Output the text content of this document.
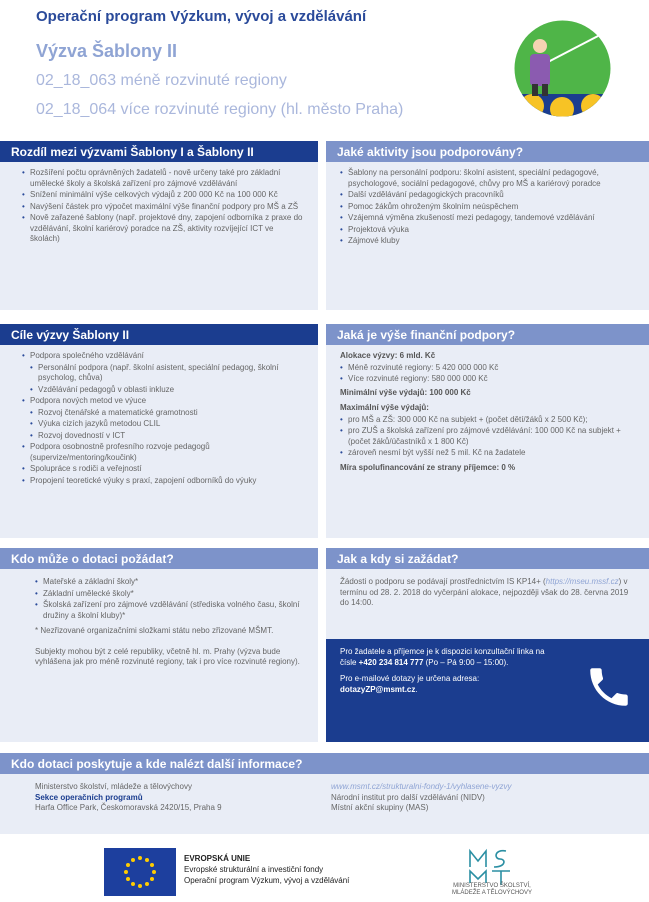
Operační program Výzkum, vývoj a vzdělávání
Výzva Šablony II
02_18_063 méně rozvinuté regiony
02_18_064 více rozvinuté regiony (hl. město Praha)
Rozdíl mezi výzvami Šablony I a Šablony II
• Rozšíření počtu oprávněných žadatelů - nově určeny také pro základní umělecké školy a školská zařízení pro zájmové vzdělávání
• Snížení minimální výše celkových výdajů z 200 000 Kč na 100 000 Kč
• Navýšení částek pro výpočet maximální výše finanční podpory pro MŠ a ZŠ
• Nově zařazené šablony (např. projektové dny, zapojení odborníka z praxe do vzdělávání, školní kariérový poradce na ZŠ, aktivity rozvíjející ICT ve školách)
Jaké aktivity jsou podporovány?
• Šablony na personální podporu: školní asistent, speciální pedagogové, psychologové, sociální pedagogové, chůvy pro MŠ a kariérový poradce
• Další vzdělávání pedagogických pracovníků
• Pomoc žákům ohroženým školním neúspěchem
• Vzájemná výměna zkušeností mezi pedagogy, tandemové vzdělávání
• Projektová výuka
• Zájmové kluby
Cíle výzvy Šablony II
• Podpora společného vzdělávání
• Personální podpora (např. školní asistent, speciální pedagog, školní psycholog, chůva)
• Vzdělávání pedagogů v oblasti inkluze
• Podpora nových metod ve výuce
• Rozvoj čtenářské a matematické gramotnosti
• Výuka cizích jazyků metodou CLIL
• Rozvoj dovedností v ICT
• Podpora osobnostně profesního rozvoje pedagogů (supervize/mentoring/koučink)
• Spolupráce s rodiči a veřejností
• Propojení teoretické výuky s praxí, zapojení odborníků do výuky
Jaká je výše finanční podpory?

Alokace výzvy: 6 mld. Kč

• Méně rozvinuté regiony: 5 420 000 000 Kč
• Více rozvinuté regiony: 580 000 000 Kč

Minimální výše výdajů: 100 000 Kč

Maximální výše výdajů:

• pro MŠ a ZŠ: 300 000 Kč na subjekt + (počet dětí/žáků x 2 500 Kč);
• pro ZUŠ a školská zařízení pro zájmové vzdělávání: 100 000 Kč na subjekt + (počet žáků/účastníků x 1 800 Kč)
• zároveň nesmí být vyšší než 5 mil. Kč na žadatele

Míra spolufinancování ze strany příjemce: 0 %

Kdo může o dotaci požádat?
• Mateřské a základní školy*
• Základní umělecké školy*
• Školská zařízení pro zájmové vzdělávání (střediska volného času, školní družiny a školní kluby)*

* Nezřizované organizačními složkami státu nebo zřizované MŠMT.

Subjekty mohou být z celé republiky, včetně hl. m. Prahy (výzva bude vyhlášena jak pro méně rozvinuté regiony, tak i pro více rozvinuté regiony).

Jak a kdy si zažádat?

Žádosti o podporu se podávají prostřednictvím IS KP14+ (https://mseu.mssf.cz) v termínu od 28. 2. 2018 do vyčerpání alokace, nejpozději však do 28. června 2019 do 14:00.

Pro žadatele a příjemce je k dispozici konzultační linka na čísle +420 234 814 777 (Po – Pá 9:00 – 15:00).

Pro e-mailové dotazy je určena adresa:
dotazyZP@msmt.cz.

Kdo dotaci poskytuje a kde nalézt další informace?

Ministerstvo školství, mládeže a tělovýchovy

Sekce operačních programů

Harfa Office Park, Českomoravská 2420/15, Praha 9

www.msmt.cz/strukturalni-fondy-1/vyhlasene-vyzvy

Národní institut pro další vzdělávání (NIDV)

Místní akční skupiny (MAS)

EVROPSKÁ UNIE
Evropské strukturální a investiční fondy
Operační program Výzkum, vývoj a vzdělávání
MINISTERSTVO ŠKOLSTVÍ,
MLÁDEŽE A TĚLOVÝCHOVY
